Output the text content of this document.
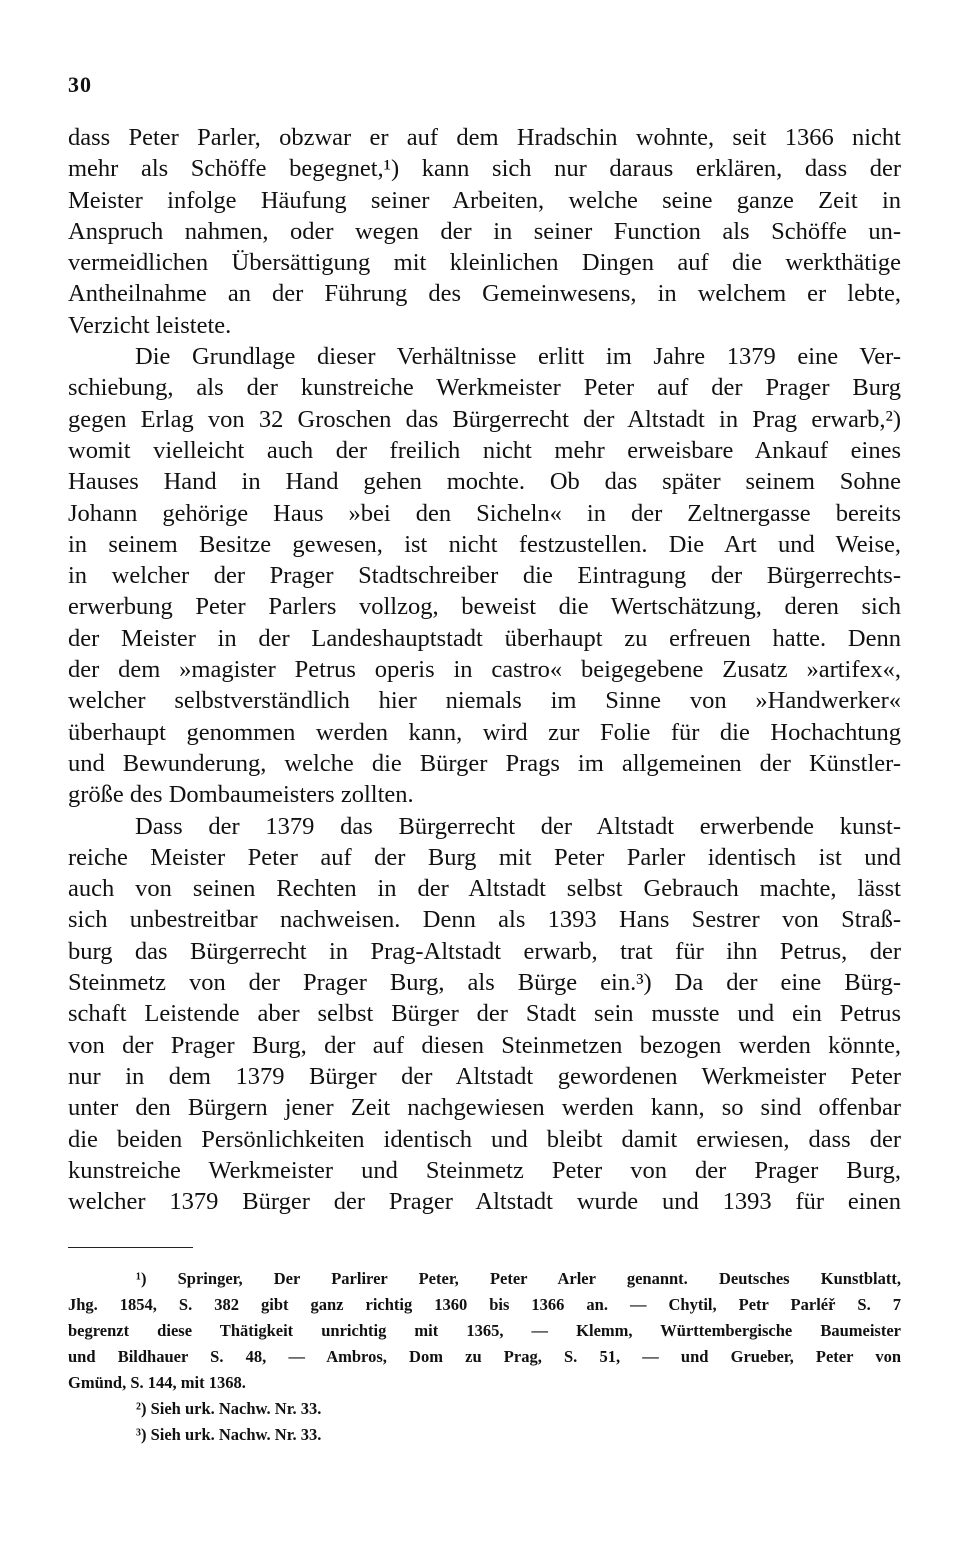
30
dass Peter Parler, obzwar er auf dem Hradschin wohnte, seit 1366 nicht
mehr als Schöffe begegnet,¹) kann sich nur daraus erklären, dass der
Meister infolge Häufung seiner Arbeiten, welche seine ganze Zeit in
Anspruch nahmen, oder wegen der in seiner Function als Schöffe un-
vermeidlichen Übersättigung mit kleinlichen Dingen auf die werkthätige
Antheilnahme an der Führung des Gemeinwesens, in welchem er lebte,
Verzicht leistete.
Die Grundlage dieser Verhältnisse erlitt im Jahre 1379 eine Ver-
schiebung, als der kunstreiche Werkmeister Peter auf der Prager Burg
gegen Erlag von 32 Groschen das Bürgerrecht der Altstadt in Prag erwarb,²)
womit vielleicht auch der freilich nicht mehr erweisbare Ankauf eines
Hauses Hand in Hand gehen mochte. Ob das später seinem Sohne
Johann gehörige Haus »bei den Sicheln« in der Zeltnergasse bereits
in seinem Besitze gewesen, ist nicht festzustellen. Die Art und Weise,
in welcher der Prager Stadtschreiber die Eintragung der Bürgerrechts-
erwerbung Peter Parlers vollzog, beweist die Wertschätzung, deren sich
der Meister in der Landeshauptstadt überhaupt zu erfreuen hatte. Denn
der dem »magister Petrus operis in castro« beigegebene Zusatz »artifex«,
welcher selbstverständlich hier niemals im Sinne von »Handwerker«
überhaupt genommen werden kann, wird zur Folie für die Hochachtung
und Bewunderung, welche die Bürger Prags im allgemeinen der Künstler-
größe des Dombaumeisters zollten.
Dass der 1379 das Bürgerrecht der Altstadt erwerbende kunst-
reiche Meister Peter auf der Burg mit Peter Parler identisch ist und
auch von seinen Rechten in der Altstadt selbst Gebrauch machte, lässt
sich unbestreitbar nachweisen. Denn als 1393 Hans Sestrer von Straß-
burg das Bürgerrecht in Prag-Altstadt erwarb, trat für ihn Petrus, der
Steinmetz von der Prager Burg, als Bürge ein.³) Da der eine Bürg-
schaft Leistende aber selbst Bürger der Stadt sein musste und ein Petrus
von der Prager Burg, der auf diesen Steinmetzen bezogen werden könnte,
nur in dem 1379 Bürger der Altstadt gewordenen Werkmeister Peter
unter den Bürgern jener Zeit nachgewiesen werden kann, so sind offenbar
die beiden Persönlichkeiten identisch und bleibt damit erwiesen, dass der
kunstreiche Werkmeister und Steinmetz Peter von der Prager Burg,
welcher 1379 Bürger der Prager Altstadt wurde und 1393 für einen
¹) Springer, Der Parlirer Peter, Peter Arler genannt. Deutsches Kunstblatt,
Jhg. 1854, S. 382 gibt ganz richtig 1360 bis 1366 an. — Chytil, Petr Parléř S. 7
begrenzt diese Thätigkeit unrichtig mit 1365, — Klemm, Württembergische Baumeister
und Bildhauer S. 48, — Ambros, Dom zu Prag, S. 51, — und Grueber, Peter von
Gmünd, S. 144, mit 1368.
²) Sieh urk. Nachw. Nr. 33.
³) Sieh urk. Nachw. Nr. 33.
